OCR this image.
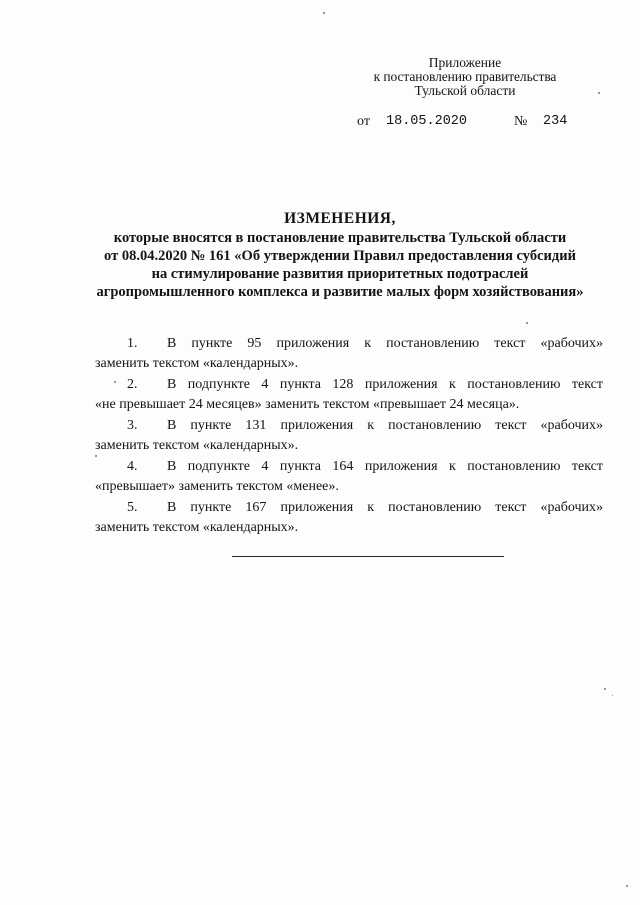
Приложение
к постановлению правительства
Тульской области
от 18.05.2020	№ 234
ИЗМЕНЕНИЯ,
которые вносятся в постановление правительства Тульской области
от 08.04.2020 № 161 «Об утверждении Правил предоставления субсидий
на стимулирование развития приоритетных подотраслей
агропромышленного комплекса и развитие малых форм хозяйствования»
1. В пункте 95 приложения к постановлению текст «рабочих»
заменить текстом «календарных».
2. В подпункте 4 пункта 128 приложения к постановлению текст
«не превышает 24 месяцев» заменить текстом «превышает 24 месяца».
3. В пункте 131 приложения к постановлению текст «рабочих»
заменить текстом «календарных».
4. В подпункте 4 пункта 164 приложения к постановлению текст
«превышает» заменить текстом «менее».
5. В пункте 167 приложения к постановлению текст «рабочих»
заменить текстом «календарных».
